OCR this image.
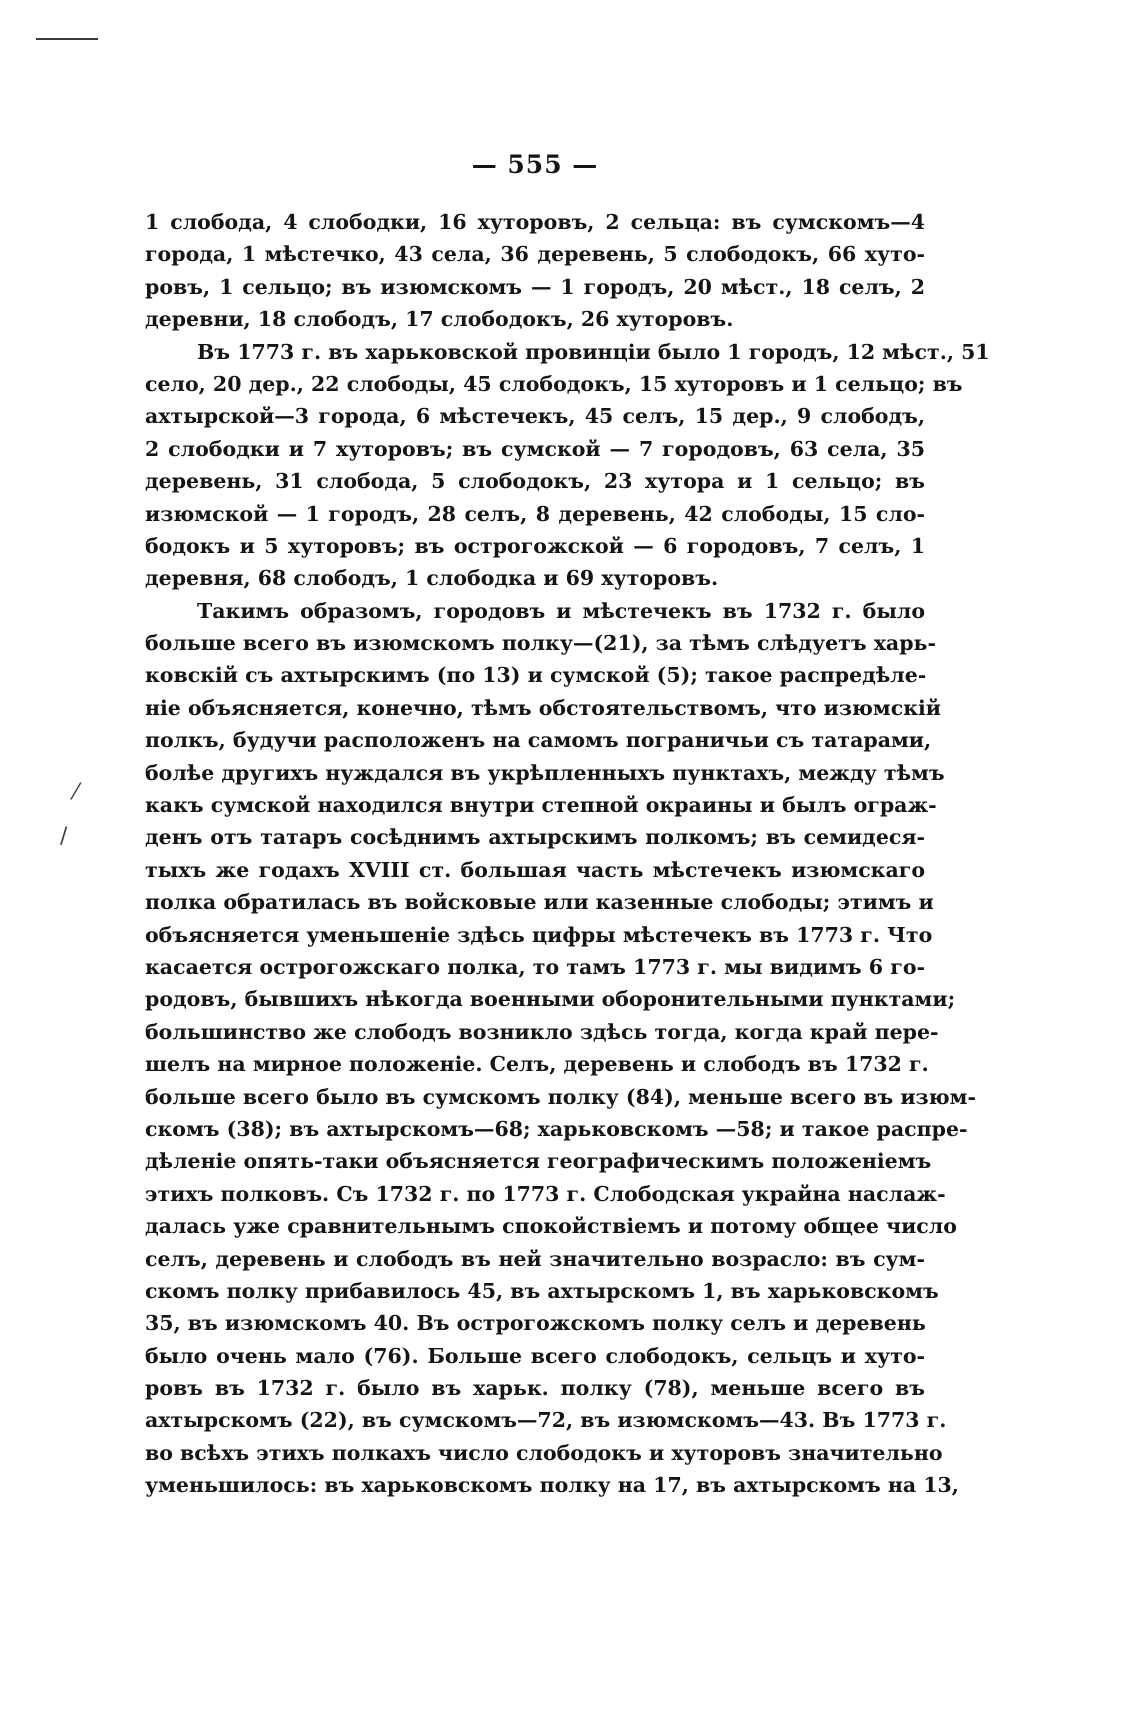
⁄
/
— 555 —
1 слобода, 4 слободки, 16 хуторовъ, 2 сельца: въ сумскомъ—4
города, 1 мѣстечко, 43 села, 36 деревень, 5 слободокъ, 66 хуто-
ровъ, 1 сельцо; въ изюмскомъ — 1 городъ, 20 мѣст., 18 селъ, 2
деревни, 18 слободъ, 17 слободокъ, 26 хуторовъ.
Въ 1773 г. въ харьковской провинціи было 1 городъ, 12 мѣст., 51
село, 20 дер., 22 слободы, 45 слободокъ, 15 хуторовъ и 1 сельцо; въ
ахтырской—3 города, 6 мѣстечекъ, 45 селъ, 15 дер., 9 слободъ,
2 слободки и 7 хуторовъ; въ сумской — 7 городовъ, 63 села, 35
деревень, 31 слобода, 5 слободокъ, 23 хутора и 1 сельцо; въ
изюмской — 1 городъ, 28 селъ, 8 деревень, 42 слободы, 15 сло-
бодокъ и 5 хуторовъ; въ острогожской — 6 городовъ, 7 селъ, 1
деревня, 68 слободъ, 1 слободка и 69 хуторовъ.
Такимъ образомъ, городовъ и мѣстечекъ въ 1732 г. было
больше всего въ изюмскомъ полку—(21), за тѣмъ слѣдуетъ харь-
ковскій съ ахтырскимъ (по 13) и сумской (5); такое распредѣле-
ніе объясняется, конечно, тѣмъ обстоятельствомъ, что изюмскій
полкъ, будучи расположенъ на самомъ пограничьи съ татарами,
болѣе другихъ нуждался въ укрѣпленныхъ пунктахъ, между тѣмъ
какъ сумской находился внутри степной окраины и былъ ограж-
денъ отъ татаръ сосѣднимъ ахтырскимъ полкомъ; въ семидеся-
тыхъ же годахъ XVIII ст. большая часть мѣстечекъ изюмскаго
полка обратилась въ войсковые или казенные слободы; этимъ и
объясняется уменьшеніе здѣсь цифры мѣстечекъ въ 1773 г. Что
касается острогожскаго полка, то тамъ 1773 г. мы видимъ 6 го-
родовъ, бывшихъ нѣкогда военными оборонительными пунктами;
большинство же слободъ возникло здѣсь тогда, когда край пере-
шелъ на мирное положеніе. Селъ, деревень и слободъ въ 1732 г.
больше всего было въ сумскомъ полку (84), меньше всего въ изюм-
скомъ (38); въ ахтырскомъ—68; харьковскомъ —58; и такое распре-
дѣленіе опять-таки объясняется географическимъ положеніемъ
этихъ полковъ. Съ 1732 г. по 1773 г. Слободская украйна наслаж-
далась уже сравнительнымъ спокойствіемъ и потому общее число
селъ, деревень и слободъ въ ней значительно возрасло: въ сум-
скомъ полку прибавилось 45, въ ахтырскомъ 1, въ харьковскомъ
35, въ изюмскомъ 40. Въ острогожскомъ полку селъ и деревень
было очень мало (76). Больше всего слободокъ, сельцъ и хуто-
ровъ въ 1732 г. было въ харьк. полку (78), меньше всего въ
ахтырскомъ (22), въ сумскомъ—72, въ изюмскомъ—43. Въ 1773 г.
во всѣхъ этихъ полкахъ число слободокъ и хуторовъ значительно
уменьшилось: въ харьковскомъ полку на 17, въ ахтырскомъ на 13,
